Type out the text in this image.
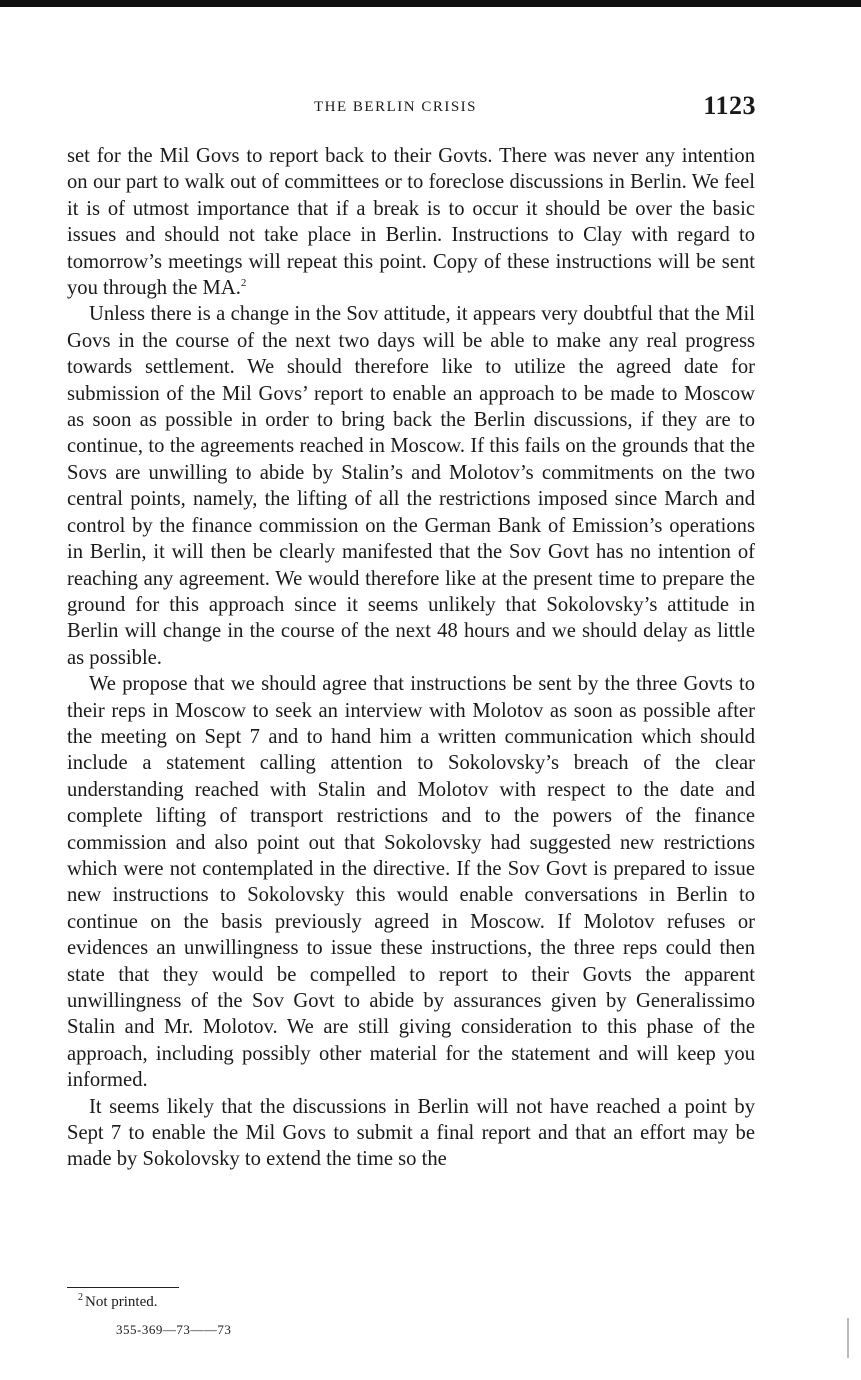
THE BERLIN CRISIS	1123

set for the Mil Govs to report back to their Govts. There was never any intention on our part to walk out of committees or to foreclose discussions in Berlin. We feel it is of utmost importance that if a break is to occur it should be over the basic issues and should not take place in Berlin. Instructions to Clay with regard to tomorrow’s meetings will repeat this point. Copy of these instructions will be sent you through the MA.$^2$

Unless there is a change in the Sov attitude, it appears very doubtful that the Mil Govs in the course of the next two days will be able to make any real progress towards settlement. We should therefore like to utilize the agreed date for submission of the Mil Govs’ report to enable an approach to be made to Moscow as soon as possible in order to bring back the Berlin discussions, if they are to continue, to the agreements reached in Moscow. If this fails on the grounds that the Sovs are unwilling to abide by Stalin’s and Molotov’s commitments on the two central points, namely, the lifting of all the restrictions imposed since March and control by the finance commission on the German Bank of Emission’s operations in Berlin, it will then be clearly manifested that the Sov Govt has no intention of reaching any agreement. We would therefore like at the present time to prepare the ground for this approach since it seems unlikely that Sokolovsky’s attitude in Berlin will change in the course of the next 48 hours and we should delay as little as possible.

We propose that we should agree that instructions be sent by the three Govts to their reps in Moscow to seek an interview with Molotov as soon as possible after the meeting on Sept 7 and to hand him a written communication which should include a statement calling attention to Sokolovsky’s breach of the clear understanding reached with Stalin and Molotov with respect to the date and complete lifting of transport restrictions and to the powers of the finance commission and also point out that Sokolovsky had suggested new restrictions which were not contemplated in the directive. If the Sov Govt is prepared to issue new instructions to Sokolovsky this would enable conversations in Berlin to continue on the basis previously agreed in Moscow. If Molotov refuses or evidences an unwillingness to issue these instructions, the three reps could then state that they would be compelled to report to their Govts the apparent unwillingness of the Sov Govt to abide by assurances given by Generalissimo Stalin and Mr. Molotov. We are still giving consideration to this phase of the approach, including possibly other material for the statement and will keep you informed.

It seems likely that the discussions in Berlin will not have reached a point by Sept 7 to enable the Mil Govs to submit a final report and that an effort may be made by Sokolovsky to extend the time so the

$^2$ Not printed.
355-369—73——73
